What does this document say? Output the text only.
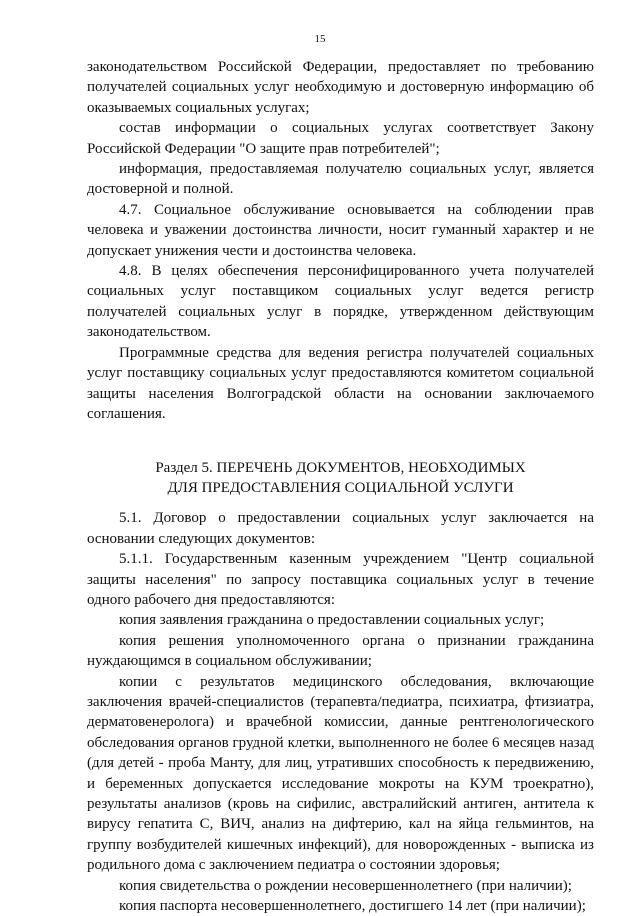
15

законодательством Российской Федерации, предоставляет по требованию получателей социальных услуг необходимую и достоверную информацию об оказываемых социальных услугах;

состав информации о социальных услугах соответствует Закону Российской Федерации "О защите прав потребителей";

информация, предоставляемая получателю социальных услуг, является достоверной и полной.

4.7. Социальное обслуживание основывается на соблюдении прав человека и уважении достоинства личности, носит гуманный характер и не допускает унижения чести и достоинства человека.

4.8. В целях обеспечения персонифицированного учета получателей социальных услуг поставщиком социальных услуг ведется регистр получателей социальных услуг в порядке, утвержденном действующим законодательством.

Программные средства для ведения регистра получателей социальных услуг поставщику социальных услуг предоставляются комитетом социальной защиты населения Волгоградской области на основании заключаемого соглашения.

Раздел 5. ПЕРЕЧЕНЬ ДОКУМЕНТОВ, НЕОБХОДИМЫХ
ДЛЯ ПРЕДОСТАВЛЕНИЯ СОЦИАЛЬНОЙ УСЛУГИ

5.1. Договор о предоставлении социальных услуг заключается на основании следующих документов:

5.1.1. Государственным казенным учреждением "Центр социальной защиты населения" по запросу поставщика социальных услуг в течение одного рабочего дня предоставляются:

копия заявления гражданина о предоставлении социальных услуг;

копия решения уполномоченного органа о признании гражданина нуждающимся в социальном обслуживании;

копии с результатов медицинского обследования, включающие заключения врачей-специалистов (терапевта/педиатра, психиатра, фтизиатра, дерматовенеролога) и врачебной комиссии, данные рентгенологического обследования органов грудной клетки, выполненного не более 6 месяцев назад (для детей - проба Манту, для лиц, утративших способность к передвижению, и беременных допускается исследование мокроты на КУМ троекратно), результаты анализов (кровь на сифилис, австралийский антиген, антитела к вирусу гепатита С, ВИЧ, анализ на дифтерию, кал на яйца гельминтов, на группу возбудителей кишечных инфекций), для новорожденных - выписка из родильного дома с заключением педиатра о состоянии здоровья;

копия свидетельства о рождении несовершеннолетнего (при наличии);

копия паспорта несовершеннолетнего, достигшего 14 лет (при наличии);
